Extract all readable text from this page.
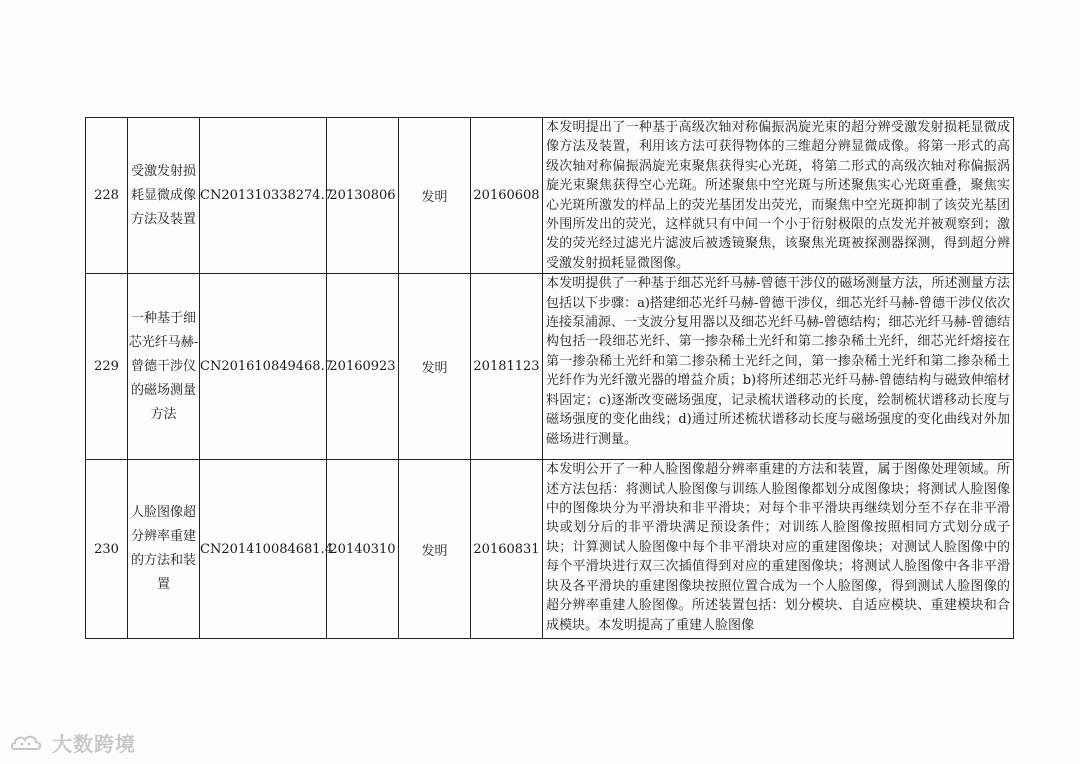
228	受激发射损耗显微成像方法及装置	CN201310338274.7	20130806	发明	20160608	本发明提出了一种基于高级次轴对称偏振涡旋光束的超分辨受激发射损耗显微成像方法及装置，利用该方法可获得物体的三维超分辨显微成像。将第一形式的高级次轴对称偏振涡旋光束聚焦获得实心光斑，将第二形式的高级次轴对称偏振涡旋光束聚焦获得空心光斑。所述聚焦中空光斑与所述聚焦实心光斑重叠，聚焦实心光斑所激发的样品上的荧光基团发出荧光，而聚焦中空光斑抑制了该荧光基团外围所发出的荧光，这样就只有中间一个小于衍射极限的点发光并被观察到；激发的荧光经过滤光片滤波后被透镜聚焦，该聚焦光斑被探测器探测，得到超分辨受激发射损耗显微图像。
229	一种基于细芯光纤马赫-曾德干涉仪的磁场测量方法	CN201610849468.7	20160923	发明	20181123	本发明提供了一种基于细芯光纤马赫-曾德干涉仪的磁场测量方法，所述测量方法包括以下步骤：a)搭建细芯光纤马赫-曾德干涉仪，细芯光纤马赫-曾德干涉仪依次连接泵浦源、一支波分复用器以及细芯光纤马赫-曾德结构；细芯光纤马赫-曾德结构包括一段细芯光纤、第一掺杂稀土光纤和第二掺杂稀土光纤，细芯光纤熔接在第一掺杂稀土光纤和第二掺杂稀土光纤之间，第一掺杂稀土光纤和第二掺杂稀土光纤作为光纤激光器的增益介质；b)将所述细芯光纤马赫-曾德结构与磁致伸缩材料固定；c)逐渐改变磁场强度，记录梳状谱移动的长度，绘制梳状谱移动长度与磁场强度的变化曲线；d)通过所述梳状谱移动长度与磁场强度的变化曲线对外加磁场进行测量。
230	人脸图像超分辨率重建的方法和装置	CN201410084681.4	20140310	发明	20160831	本发明公开了一种人脸图像超分辨率重建的方法和装置，属于图像处理领域。所述方法包括：将测试人脸图像与训练人脸图像都划分成图像块；将测试人脸图像中的图像块分为平滑块和非平滑块；对每个非平滑块再继续划分至不存在非平滑块或划分后的非平滑块满足预设条件；对训练人脸图像按照相同方式划分成子块；计算测试人脸图像中每个非平滑块对应的重建图像块；对测试人脸图像中的每个平滑块进行双三次插值得到对应的重建图像块；将测试人脸图像中各非平滑块及各平滑块的重建图像块按照位置合成为一个人脸图像，得到测试人脸图像的超分辨率重建人脸图像。所述装置包括：划分模块、自适应模块、重建模块和合成模块。本发明提高了重建人脸图像
大数跨境
